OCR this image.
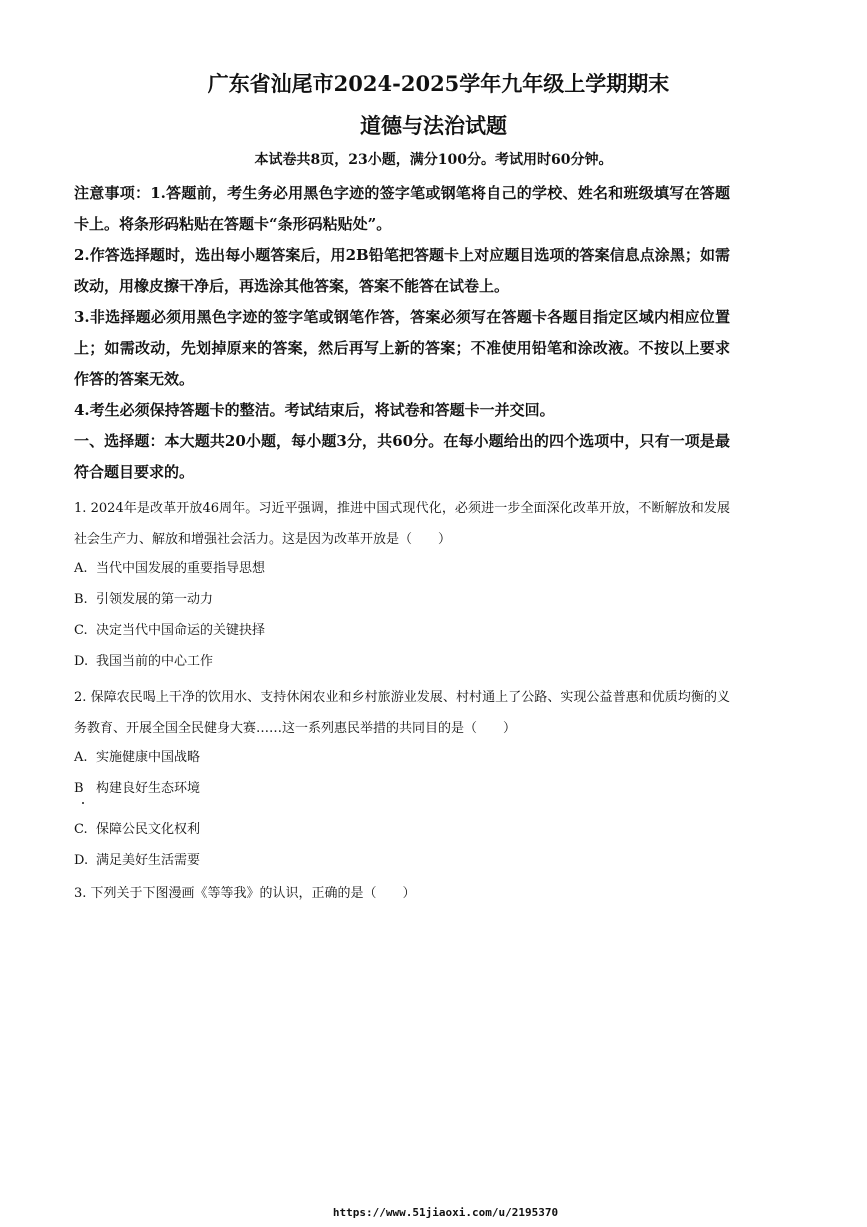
广东省汕尾市2024-2025学年九年级上学期期末
道德与法治试题
本试卷共8页，23小题，满分100分。考试用时60分钟。

注意事项：1.答题前，考生务必用黑色字迹的签字笔或钢笔将自己的学校、姓名和班级填写在答题卡上。将条形码粘贴在答题卡“条形码粘贴处”。

2.作答选择题时，选出每小题答案后，用2B铅笔把答题卡上对应题目选项的答案信息点涂黑；如需改动，用橡皮擦干净后，再选涂其他答案，答案不能答在试卷上。

3.非选择题必须用黑色字迹的签字笔或钢笔作答，答案必须写在答题卡各题目指定区域内相应位置上；如需改动，先划掉原来的答案，然后再写上新的答案；不准使用铅笔和涂改液。不按以上要求作答的答案无效。

4.考生必须保持答题卡的整洁。考试结束后，将试卷和答题卡一并交回。

一、选择题：本大题共20小题，每小题3分，共60分。在每小题给出的四个选项中，只有一项是最符合题目要求的。

1. 2024年是改革开放46周年。习近平强调，推进中国式现代化，必须进一步全面深化改革开放，不断解放和发展社会生产力、解放和增强社会活力。这是因为改革开放是（　　）

A. 当代中国发展的重要指导思想
B. 引领发展的第一动力
C. 决定当代中国命运的关键抉择
D. 我国当前的中心工作

2. 保障农民喝上干净的饮用水、支持休闲农业和乡村旅游业发展、村村通上了公路、实现公益普惠和优质均衡的义务教育、开展全国全民健身大赛……这一系列惠民举措的共同目的是（　　）

A. 实施健康中国战略
B 构建良好生态环境
C. 保障公民文化权利
D. 满足美好生活需要

3. 下列关于下图漫画《等等我》的认识，正确的是（　　）

https://www.51jiaoxi.com/u/2195370
